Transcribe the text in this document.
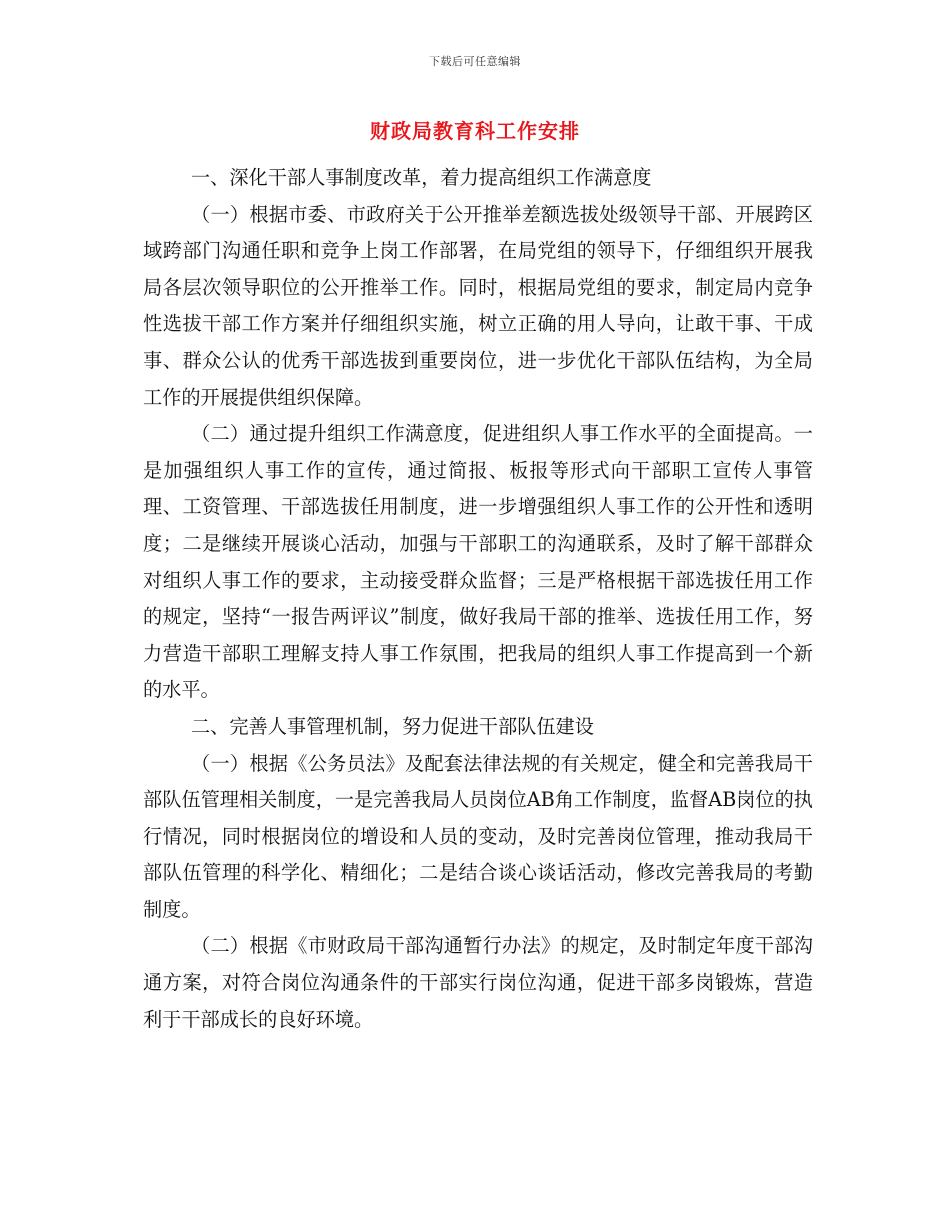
下载后可任意编辑
财政局教育科工作安排

一、深化干部人事制度改革，着力提高组织工作满意度

（一）根据市委、市政府关于公开推举差额选拔处级领导干部、开展跨区域跨部门沟通任职和竞争上岗工作部署，在局党组的领导下，仔细组织开展我局各层次领导职位的公开推举工作。同时，根据局党组的要求，制定局内竞争性选拔干部工作方案并仔细组织实施，树立正确的用人导向，让敢干事、干成事、群众公认的优秀干部选拔到重要岗位，进一步优化干部队伍结构，为全局工作的开展提供组织保障。

（二）通过提升组织工作满意度，促进组织人事工作水平的全面提高。一是加强组织人事工作的宣传，通过简报、板报等形式向干部职工宣传人事管理、工资管理、干部选拔任用制度，进一步增强组织人事工作的公开性和透明度；二是继续开展谈心活动，加强与干部职工的沟通联系，及时了解干部群众对组织人事工作的要求，主动接受群众监督；三是严格根据干部选拔任用工作的规定，坚持“一报告两评议”制度，做好我局干部的推举、选拔任用工作，努力营造干部职工理解支持人事工作氛围，把我局的组织人事工作提高到一个新的水平。

二、完善人事管理机制，努力促进干部队伍建设

（一）根据《公务员法》及配套法律法规的有关规定，健全和完善我局干部队伍管理相关制度，一是完善我局人员岗位AB角工作制度，监督AB岗位的执行情况，同时根据岗位的增设和人员的变动，及时完善岗位管理，推动我局干部队伍管理的科学化、精细化；二是结合谈心谈话活动，修改完善我局的考勤制度。

（二）根据《市财政局干部沟通暂行办法》的规定，及时制定年度干部沟通方案，对符合岗位沟通条件的干部实行岗位沟通，促进干部多岗锻炼，营造利于干部成长的良好环境。
